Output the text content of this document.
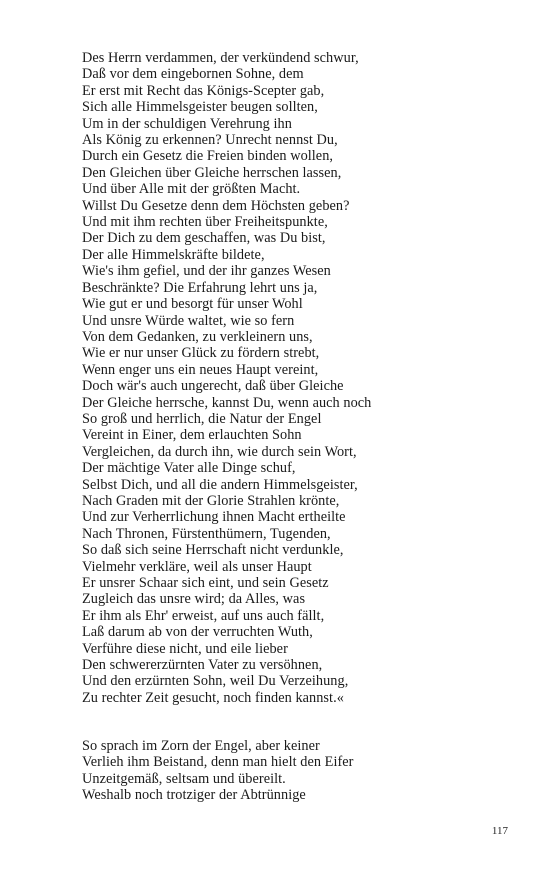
Des Herrn verdammen, der verkündend schwur,
Daß vor dem eingebornen Sohne, dem
Er erst mit Recht das Königs-Scepter gab,
Sich alle Himmelsgeister beugen sollten,
Um in der schuldigen Verehrung ihn
Als König zu erkennen? Unrecht nennst Du,
Durch ein Gesetz die Freien binden wollen,
Den Gleichen über Gleiche herrschen lassen,
Und über Alle mit der größten Macht.
Willst Du Gesetze denn dem Höchsten geben?
Und mit ihm rechten über Freiheitspunkte,
Der Dich zu dem geschaffen, was Du bist,
Der alle Himmelskräfte bildete,
Wie's ihm gefiel, und der ihr ganzes Wesen
Beschränkte? Die Erfahrung lehrt uns ja,
Wie gut er und besorgt für unser Wohl
Und unsre Würde waltet, wie so fern
Von dem Gedanken, zu verkleinern uns,
Wie er nur unser Glück zu fördern strebt,
Wenn enger uns ein neues Haupt vereint,
Doch wär's auch ungerecht, daß über Gleiche
Der Gleiche herrsche, kannst Du, wenn auch noch
So groß und herrlich, die Natur der Engel
Vereint in Einer, dem erlauchten Sohn
Vergleichen, da durch ihn, wie durch sein Wort,
Der mächtige Vater alle Dinge schuf,
Selbst Dich, und all die andern Himmelsgeister,
Nach Graden mit der Glorie Strahlen krönte,
Und zur Verherrlichung ihnen Macht ertheilte
Nach Thronen, Fürstenthümern, Tugenden,
So daß sich seine Herrschaft nicht verdunkle,
Vielmehr verkläre, weil als unser Haupt
Er unsrer Schaar sich eint, und sein Gesetz
Zugleich das unsre wird; da Alles, was
Er ihm als Ehr' erweist, auf uns auch fällt,
Laß darum ab von der verruchten Wuth,
Verführe diese nicht, und eile lieber
Den schwererzürnten Vater zu versöhnen,
Und den erzürnten Sohn, weil Du Verzeihung,
Zu rechter Zeit gesucht, noch finden kannst.«
So sprach im Zorn der Engel, aber keiner
Verlieh ihm Beistand, denn man hielt den Eifer
Unzeitgemäß, seltsam und übereilt.
Weshalb noch trotziger der Abtrünnige
117
